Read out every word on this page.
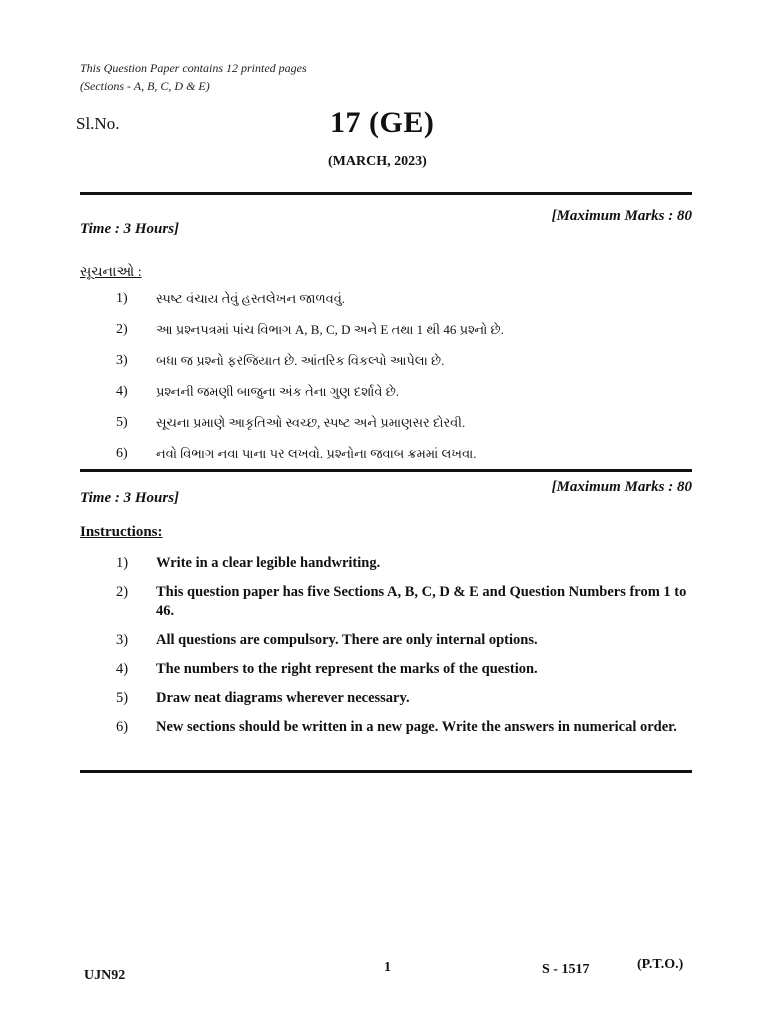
This Question Paper contains 12 printed pages
(Sections - A, B, C, D & E)
Sl.No.	17 (GE)
(MARCH, 2023)
Time : 3 Hours]
[Maximum Marks : 80
સૂચનાઓ :
1)	સ્પષ્ટ વંચાય તેવું હસ્તલેખન જાળવવું.
2)	આ પ્રશ્નપત્રમાં પાંચ વિભાગ A, B, C, D અને E તથા 1 થી 46 પ્રશ્નો છે.
3)	બધા જ પ્રશ્નો ફરજિયાત છે. આંતરિક વિકલ્પો આપેલા છે.
4)	પ્રશ્નની જમણી બાજુના અંક તેના ગુણ દર્શાવે છે.
5)	સૂચના પ્રમાણે આકૃતિઓ સ્વચ્છ, સ્પષ્ટ અને પ્રમાણસર દોરવી.
6)	નવો વિભાગ નવા પાના પર લખવો. પ્રશ્નોના જવાબ ક્રમમાં લખવા.
Time : 3 Hours]
[Maximum Marks : 80
Instructions:
1)	Write in a clear legible handwriting.
2)	This question paper has five Sections A, B, C, D & E and Question Numbers from 1 to 46.
3)	All questions are compulsory. There are only internal options.
4)	The numbers to the right represent the marks of the question.
5)	Draw neat diagrams wherever necessary.
6)	New sections should be written in a new page. Write the answers in numerical order.
UJN92
1	S - 1517	(P.T.O.)
